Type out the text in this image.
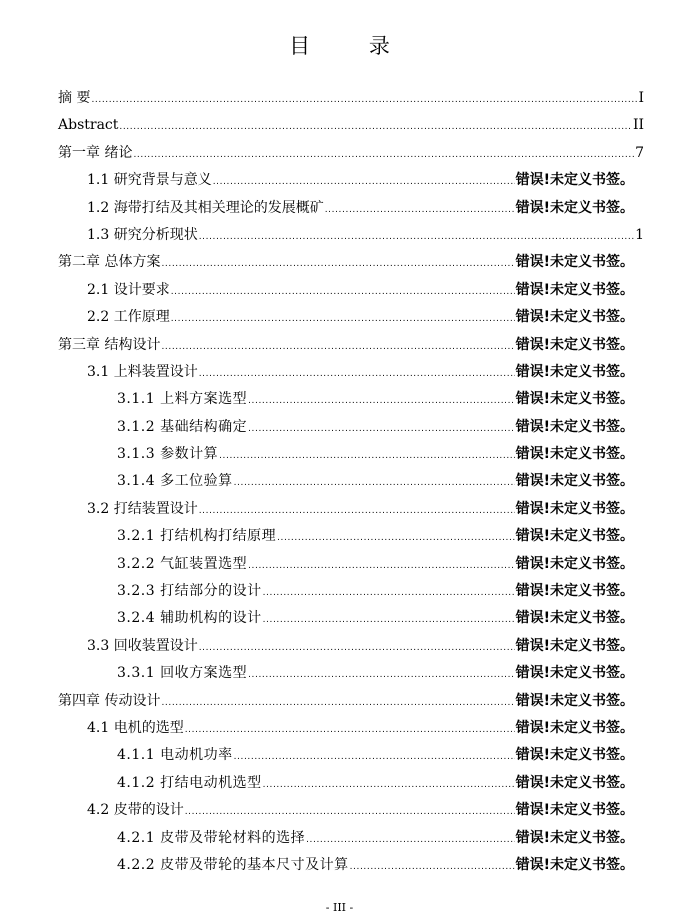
目 录
摘 要 .....	I
Abstract .....	II
第一章 绪论 .....	7
1.1 研究背景与意义 .....	错误!未定义书签。
1.2 海带打结及其相关理论的发展概矿 .....	错误!未定义书签。
1.3 研究分析现状 .....	1
第二章 总体方案 .....	错误!未定义书签。
2.1 设计要求 .....	错误!未定义书签。
2.2 工作原理 .....	错误!未定义书签。
第三章 结构设计 .....	错误!未定义书签。
3.1 上料装置设计 .....	错误!未定义书签。
3.1.1 上料方案选型 .....	错误!未定义书签。
3.1.2 基础结构确定 .....	错误!未定义书签。
3.1.3 参数计算 .....	错误!未定义书签。
3.1.4 多工位验算 .....	错误!未定义书签。
3.2 打结装置设计 .....	错误!未定义书签。
3.2.1 打结机构打结原理 .....	错误!未定义书签。
3.2.2 气缸装置选型 .....	错误!未定义书签。
3.2.3 打结部分的设计 .....	错误!未定义书签。
3.2.4 辅助机构的设计 .....	错误!未定义书签。
3.3 回收装置设计 .....	错误!未定义书签。
3.3.1 回收方案选型 .....	错误!未定义书签。
第四章 传动设计 .....	错误!未定义书签。
4.1 电机的选型 .....	错误!未定义书签。
4.1.1 电动机功率 .....	错误!未定义书签。
4.1.2 打结电动机选型 .....	错误!未定义书签。
4.2 皮带的设计 .....	错误!未定义书签。
4.2.1 皮带及带轮材料的选择 .....	错误!未定义书签。
4.2.2 皮带及带轮的基本尺寸及计算 .....	错误!未定义书签。
- III -
